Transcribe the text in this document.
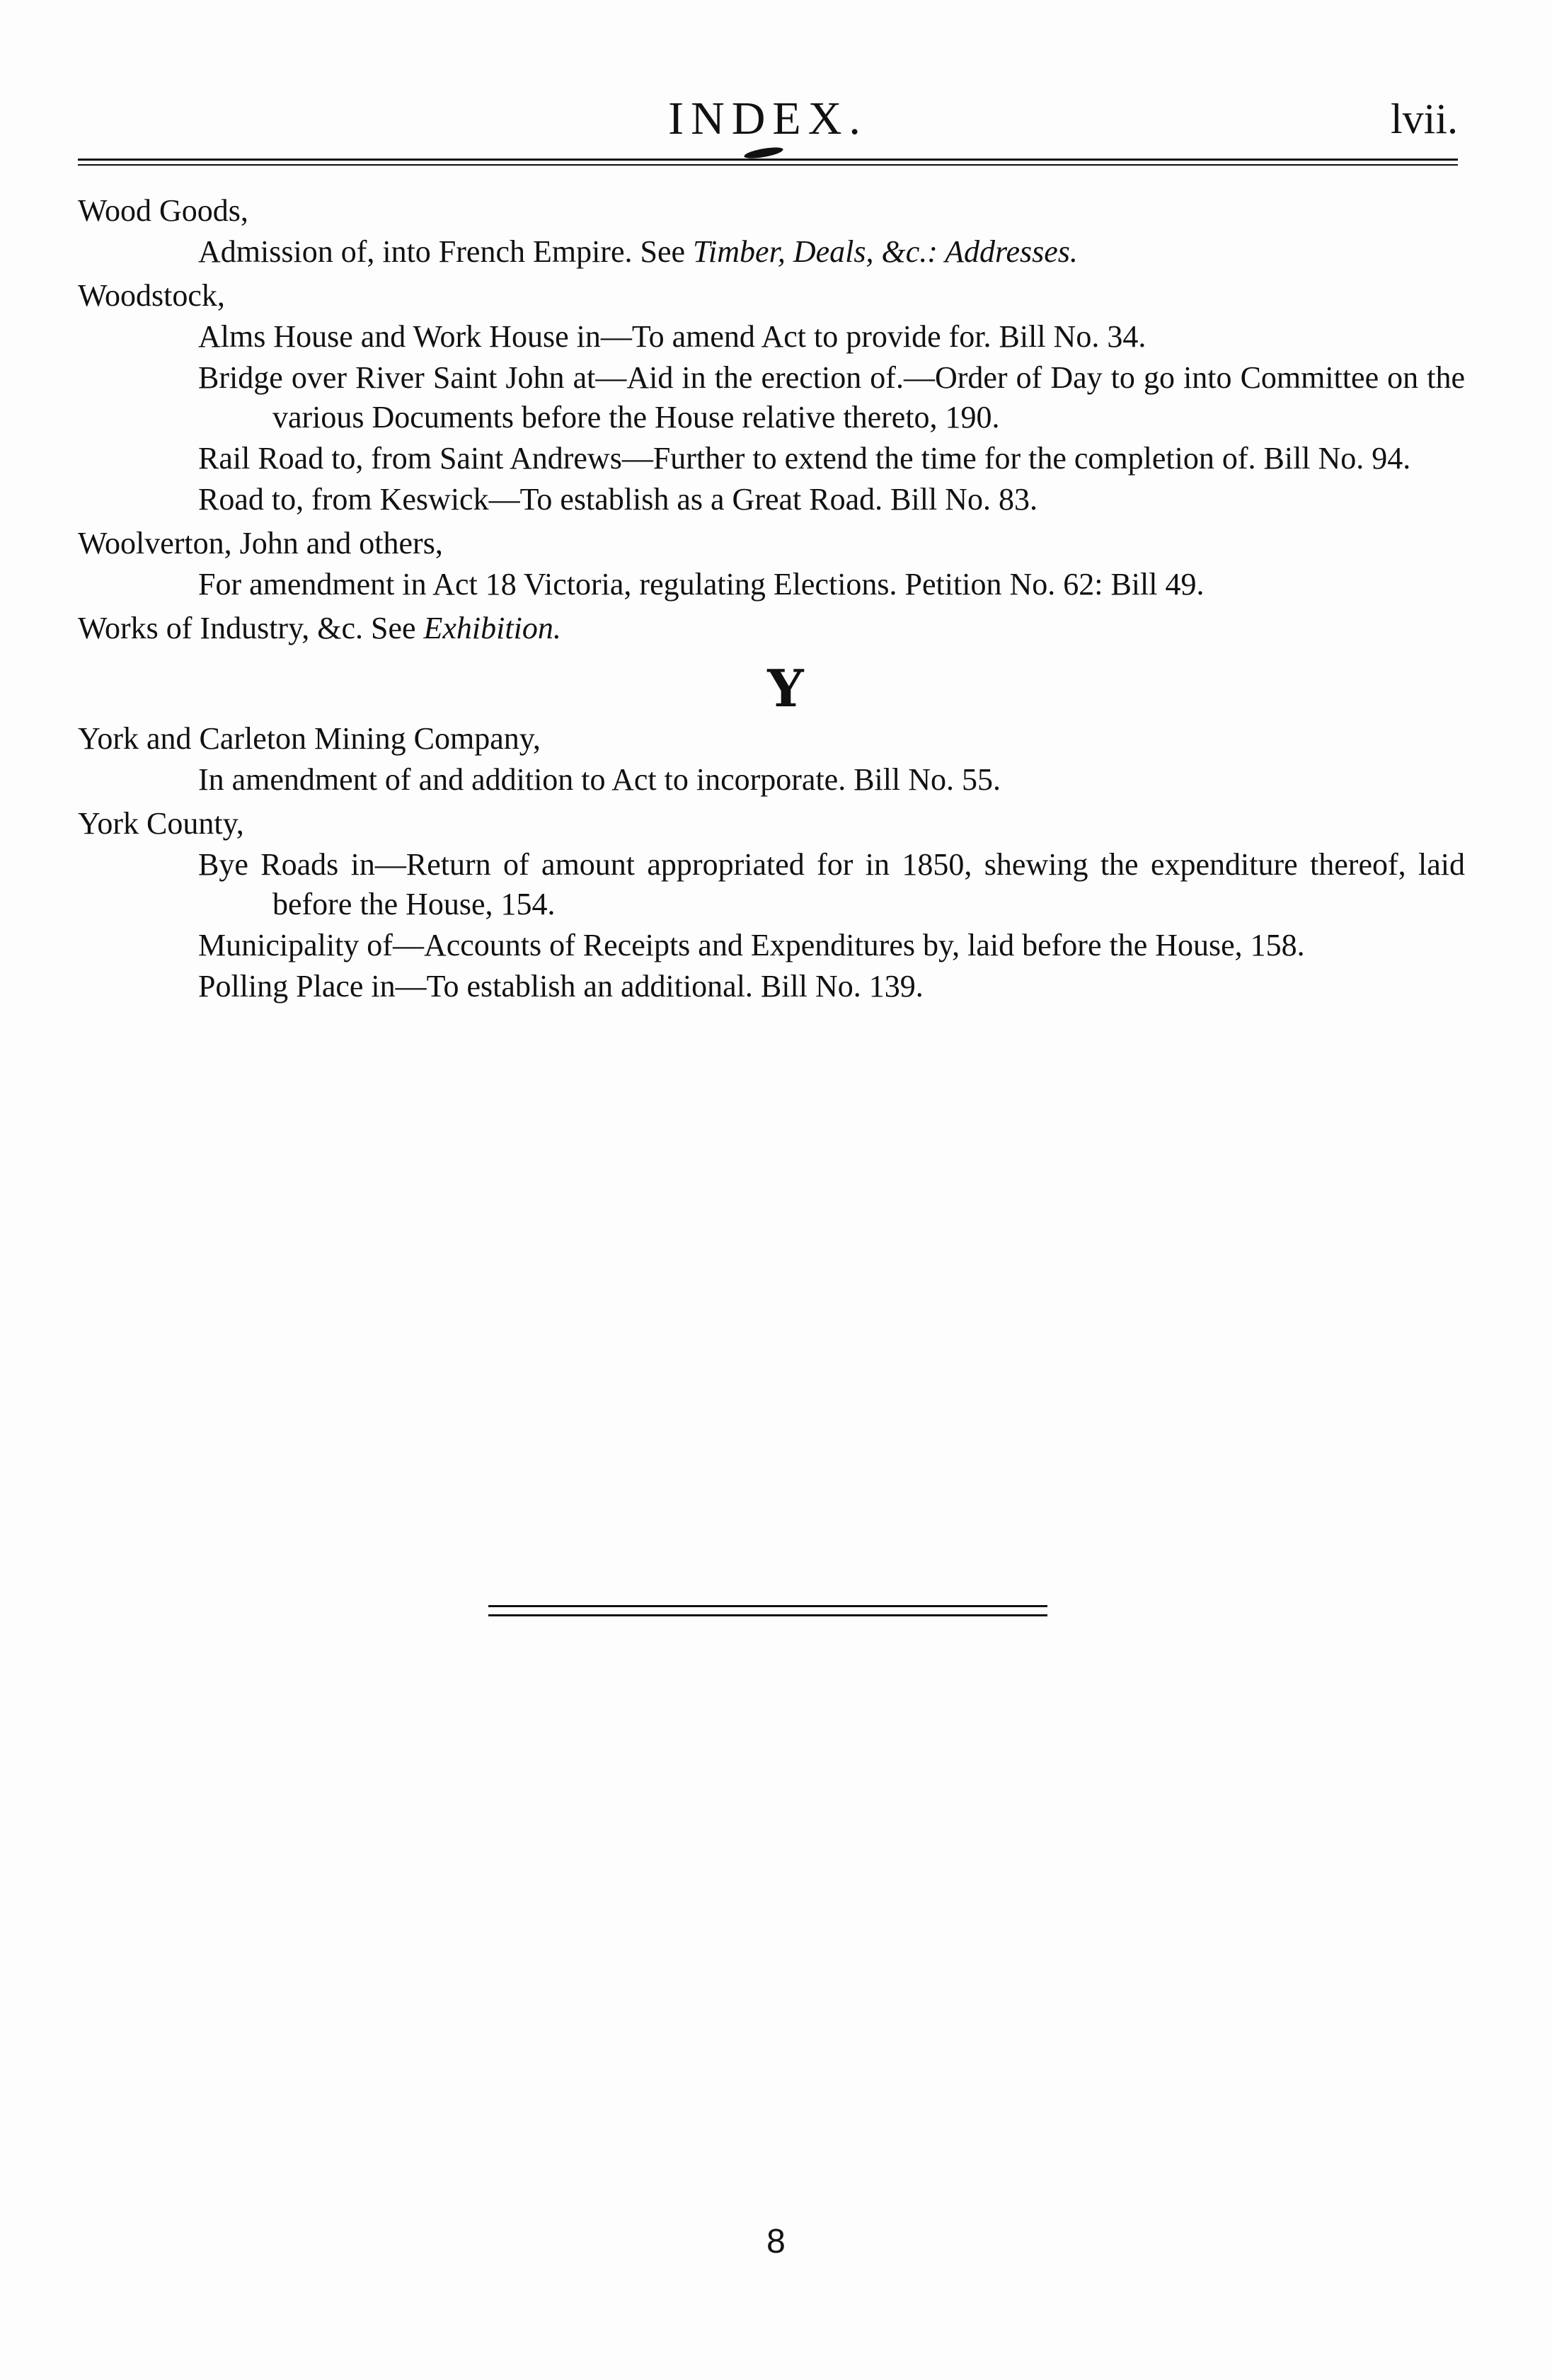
INDEX.	lvii.
Wood Goods,
Admission of, into French Empire. See Timber, Deals, &c.: Addresses.
Woodstock,
Alms House and Work House in—To amend Act to provide for. Bill No. 34.
Bridge over River Saint John at—Aid in the erection of.—Order of Day to go into Committee on the various Documents before the House relative thereto, 190.
Rail Road to, from Saint Andrews—Further to extend the time for the completion of. Bill No. 94.
Road to, from Keswick—To establish as a Great Road. Bill No. 83.
Woolverton, John and others,
For amendment in Act 18 Victoria, regulating Elections. Petition No. 62: Bill 49.
Works of Industry, &c. See Exhibition.
Y
York and Carleton Mining Company,
In amendment of and addition to Act to incorporate. Bill No. 55.
York County,
Bye Roads in—Return of amount appropriated for in 1850, shewing the expenditure thereof, laid before the House, 154.
Municipality of—Accounts of Receipts and Expenditures by, laid before the House, 158.
Polling Place in—To establish an additional. Bill No. 139.
8
